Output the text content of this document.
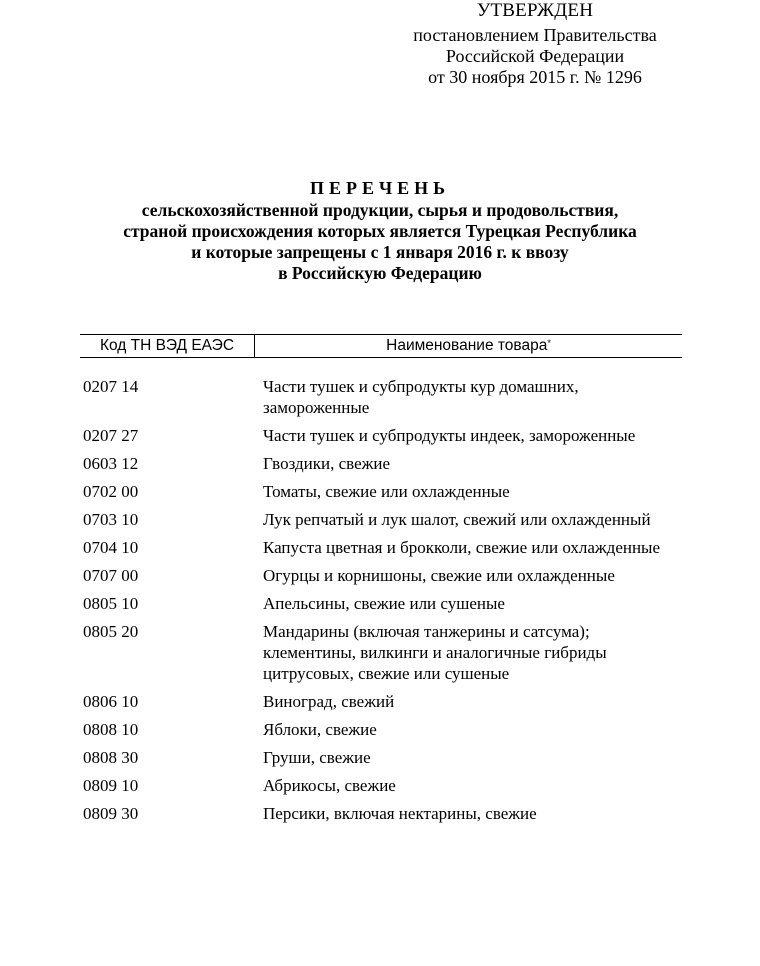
УТВЕРЖДЕН
постановлением Правительства
Российской Федерации
от 30 ноября 2015 г. № 1296
ПЕРЕЧЕНЬ
сельскохозяйственной продукции, сырья и продовольствия,
страной происхождения которых является Турецкая Республика
и которые запрещены с 1 января 2016 г. к ввозу
в Российскую Федерацию
Код ТН ВЭД ЕАЭС	Наименование товара*
0207 14	Части тушек и субпродукты кур домашних, замороженные
0207 27	Части тушек и субпродукты индеек, замороженные
0603 12	Гвоздики, свежие
0702 00	Томаты, свежие или охлажденные
0703 10	Лук репчатый и лук шалот, свежий или охлажденный
0704 10	Капуста цветная и брокколи, свежие или охлажденные
0707 00	Огурцы и корнишоны, свежие или охлажденные
0805 10	Апельсины, свежие или сушеные
0805 20	Мандарины (включая танжерины и сатсума); клементины, вилкинги и аналогичные гибриды цитрусовых, свежие или сушеные
0806 10	Виноград, свежий
0808 10	Яблоки, свежие
0808 30	Груши, свежие
0809 10	Абрикосы, свежие
0809 30	Персики, включая нектарины, свежие
